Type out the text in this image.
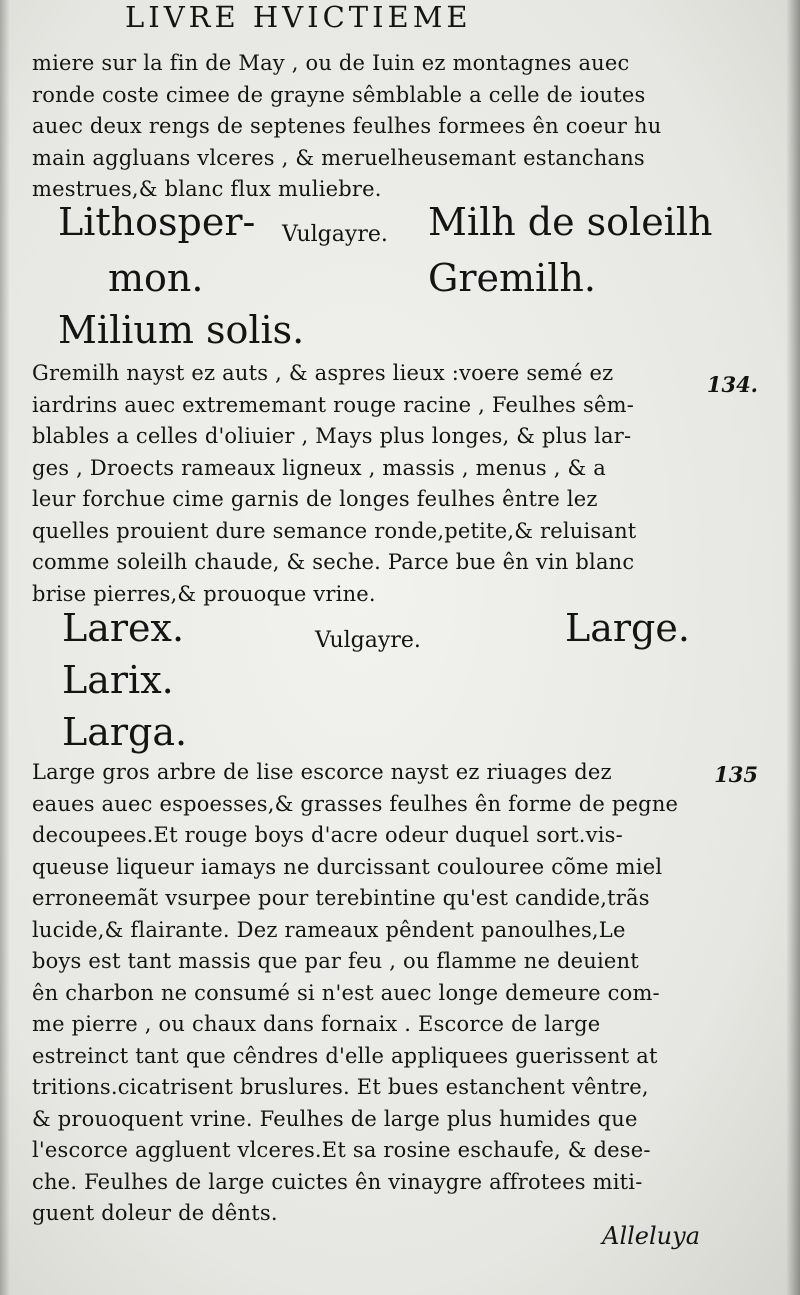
LIVRE HVICTIEME
miere sur la fin de May , ou de Iuin ez montagnes auec
ronde coste cimee de grayne sêmblable a celle de ioutes
auec deux rengs de septenes feulhes formees ên coeur hu
main aggluans vlceres , & meruelheusemant estanchans
mestrues,& blanc flux muliebre.
Lithosper- Vulgayre. Milh de soleilh
mon.	Gremilh.
Milium solis.
134.
Gremilh nayst ez auts , & aspres lieux :voere semé ez
iardrins auec extrememant rouge racine , Feulhes sêm-
blables a celles d'oliuier , Mays plus longes, & plus lar-
ges , Droects rameaux ligneux , massis , menus , & a
leur forchue cime garnis de longes feulhes êntre lez
quelles prouient dure semance ronde,petite,& reluisant
comme soleilh chaude, & seche. Parce bue ên vin blanc
brise pierres,& prouoque vrine.
Larex.	Vulgayre.	Large.
Larix.
Larga.
135
Large gros arbre de lise escorce nayst ez riuages dez
eaues auec espoesses,& grasses feulhes ên forme de pegne
decoupees.Et rouge boys d'acre odeur duquel sort.vis-
queuse liqueur iamays ne durcissant coulouree cõme miel
erroneemãt vsurpee pour terebintine qu'est candide,trãs
lucide,& flairante. Dez rameaux pêndent panoulhes,Le
boys est tant massis que par feu , ou flamme ne deuient
ên charbon ne consumé si n'est auec longe demeure com-
me pierre , ou chaux dans fornaix . Escorce de large
estreinct tant que cêndres d'elle appliquees guerissent at
tritions.cicatrisent bruslures. Et bues estanchent vêntre,
& prouoquent vrine. Feulhes de large plus humides que
l'escorce aggluent vlceres.Et sa rosine eschaufe, & dese-
che. Feulhes de large cuictes ên vinaygre affrotees miti-
guent doleur de dênts.
Alleluya
